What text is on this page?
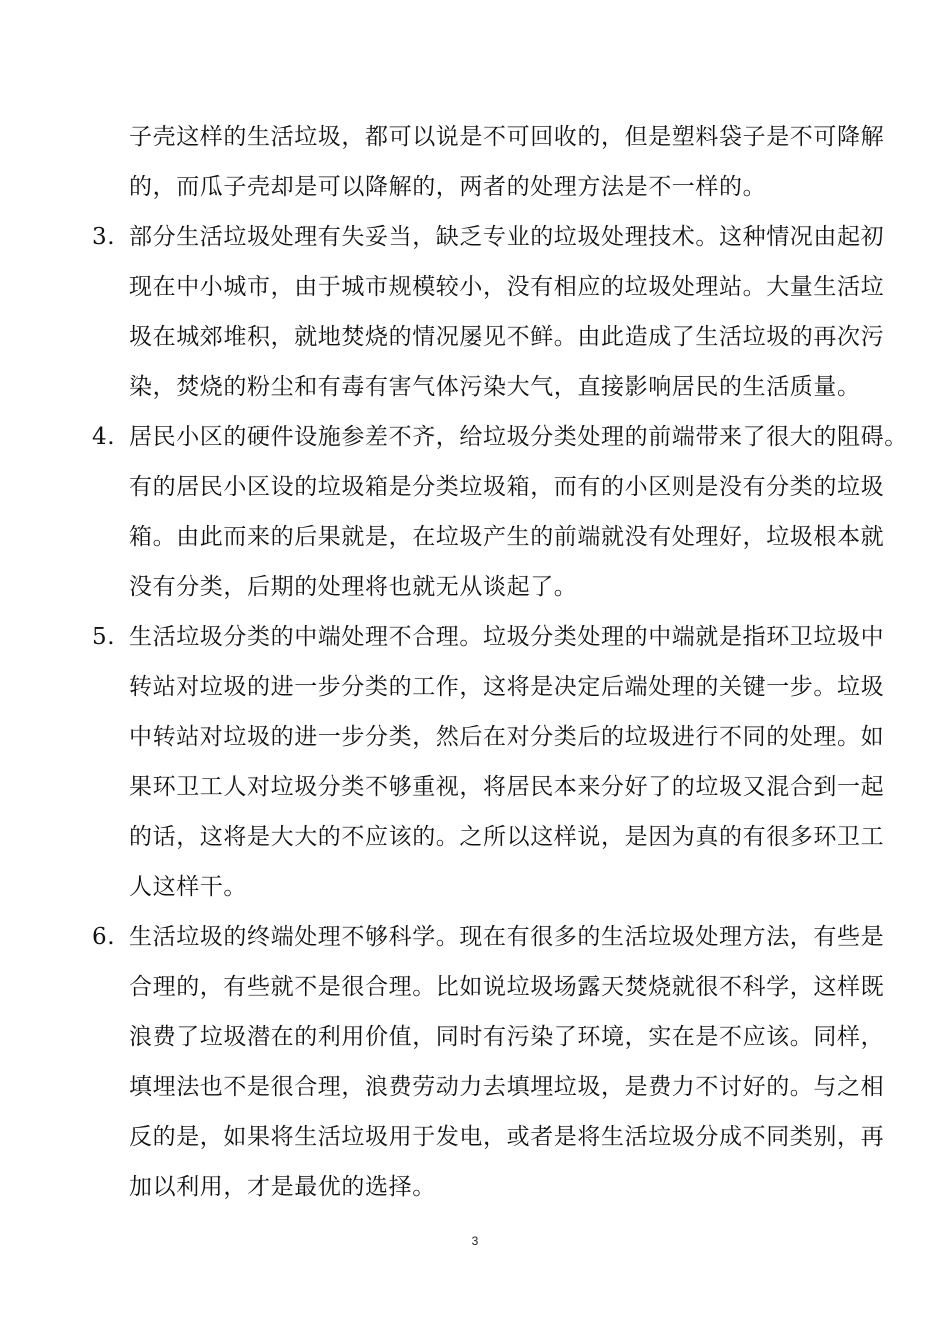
子壳这样的生活垃圾，都可以说是不可回收的，但是塑料袋子是不可降解
的，而瓜子壳却是可以降解的，两者的处理方法是不一样的。
3. 部分生活垃圾处理有失妥当，缺乏专业的垃圾处理技术。这种情况由起初
现在中小城市，由于城市规模较小，没有相应的垃圾处理站。大量生活垃
圾在城郊堆积，就地焚烧的情况屡见不鲜。由此造成了生活垃圾的再次污
染，焚烧的粉尘和有毒有害气体污染大气，直接影响居民的生活质量。
4. 居民小区的硬件设施参差不齐，给垃圾分类处理的前端带来了很大的阻碍。
有的居民小区设的垃圾箱是分类垃圾箱，而有的小区则是没有分类的垃圾
箱。由此而来的后果就是，在垃圾产生的前端就没有处理好，垃圾根本就
没有分类，后期的处理将也就无从谈起了。
5. 生活垃圾分类的中端处理不合理。垃圾分类处理的中端就是指环卫垃圾中
转站对垃圾的进一步分类的工作，这将是决定后端处理的关键一步。垃圾
中转站对垃圾的进一步分类，然后在对分类后的垃圾进行不同的处理。如
果环卫工人对垃圾分类不够重视，将居民本来分好了的垃圾又混合到一起
的话，这将是大大的不应该的。之所以这样说，是因为真的有很多环卫工
人这样干。
6. 生活垃圾的终端处理不够科学。现在有很多的生活垃圾处理方法，有些是
合理的，有些就不是很合理。比如说垃圾场露天焚烧就很不科学，这样既
浪费了垃圾潜在的利用价值，同时有污染了环境，实在是不应该。同样，
填埋法也不是很合理，浪费劳动力去填埋垃圾，是费力不讨好的。与之相
反的是，如果将生活垃圾用于发电，或者是将生活垃圾分成不同类别，再
加以利用，才是最优的选择。
3
